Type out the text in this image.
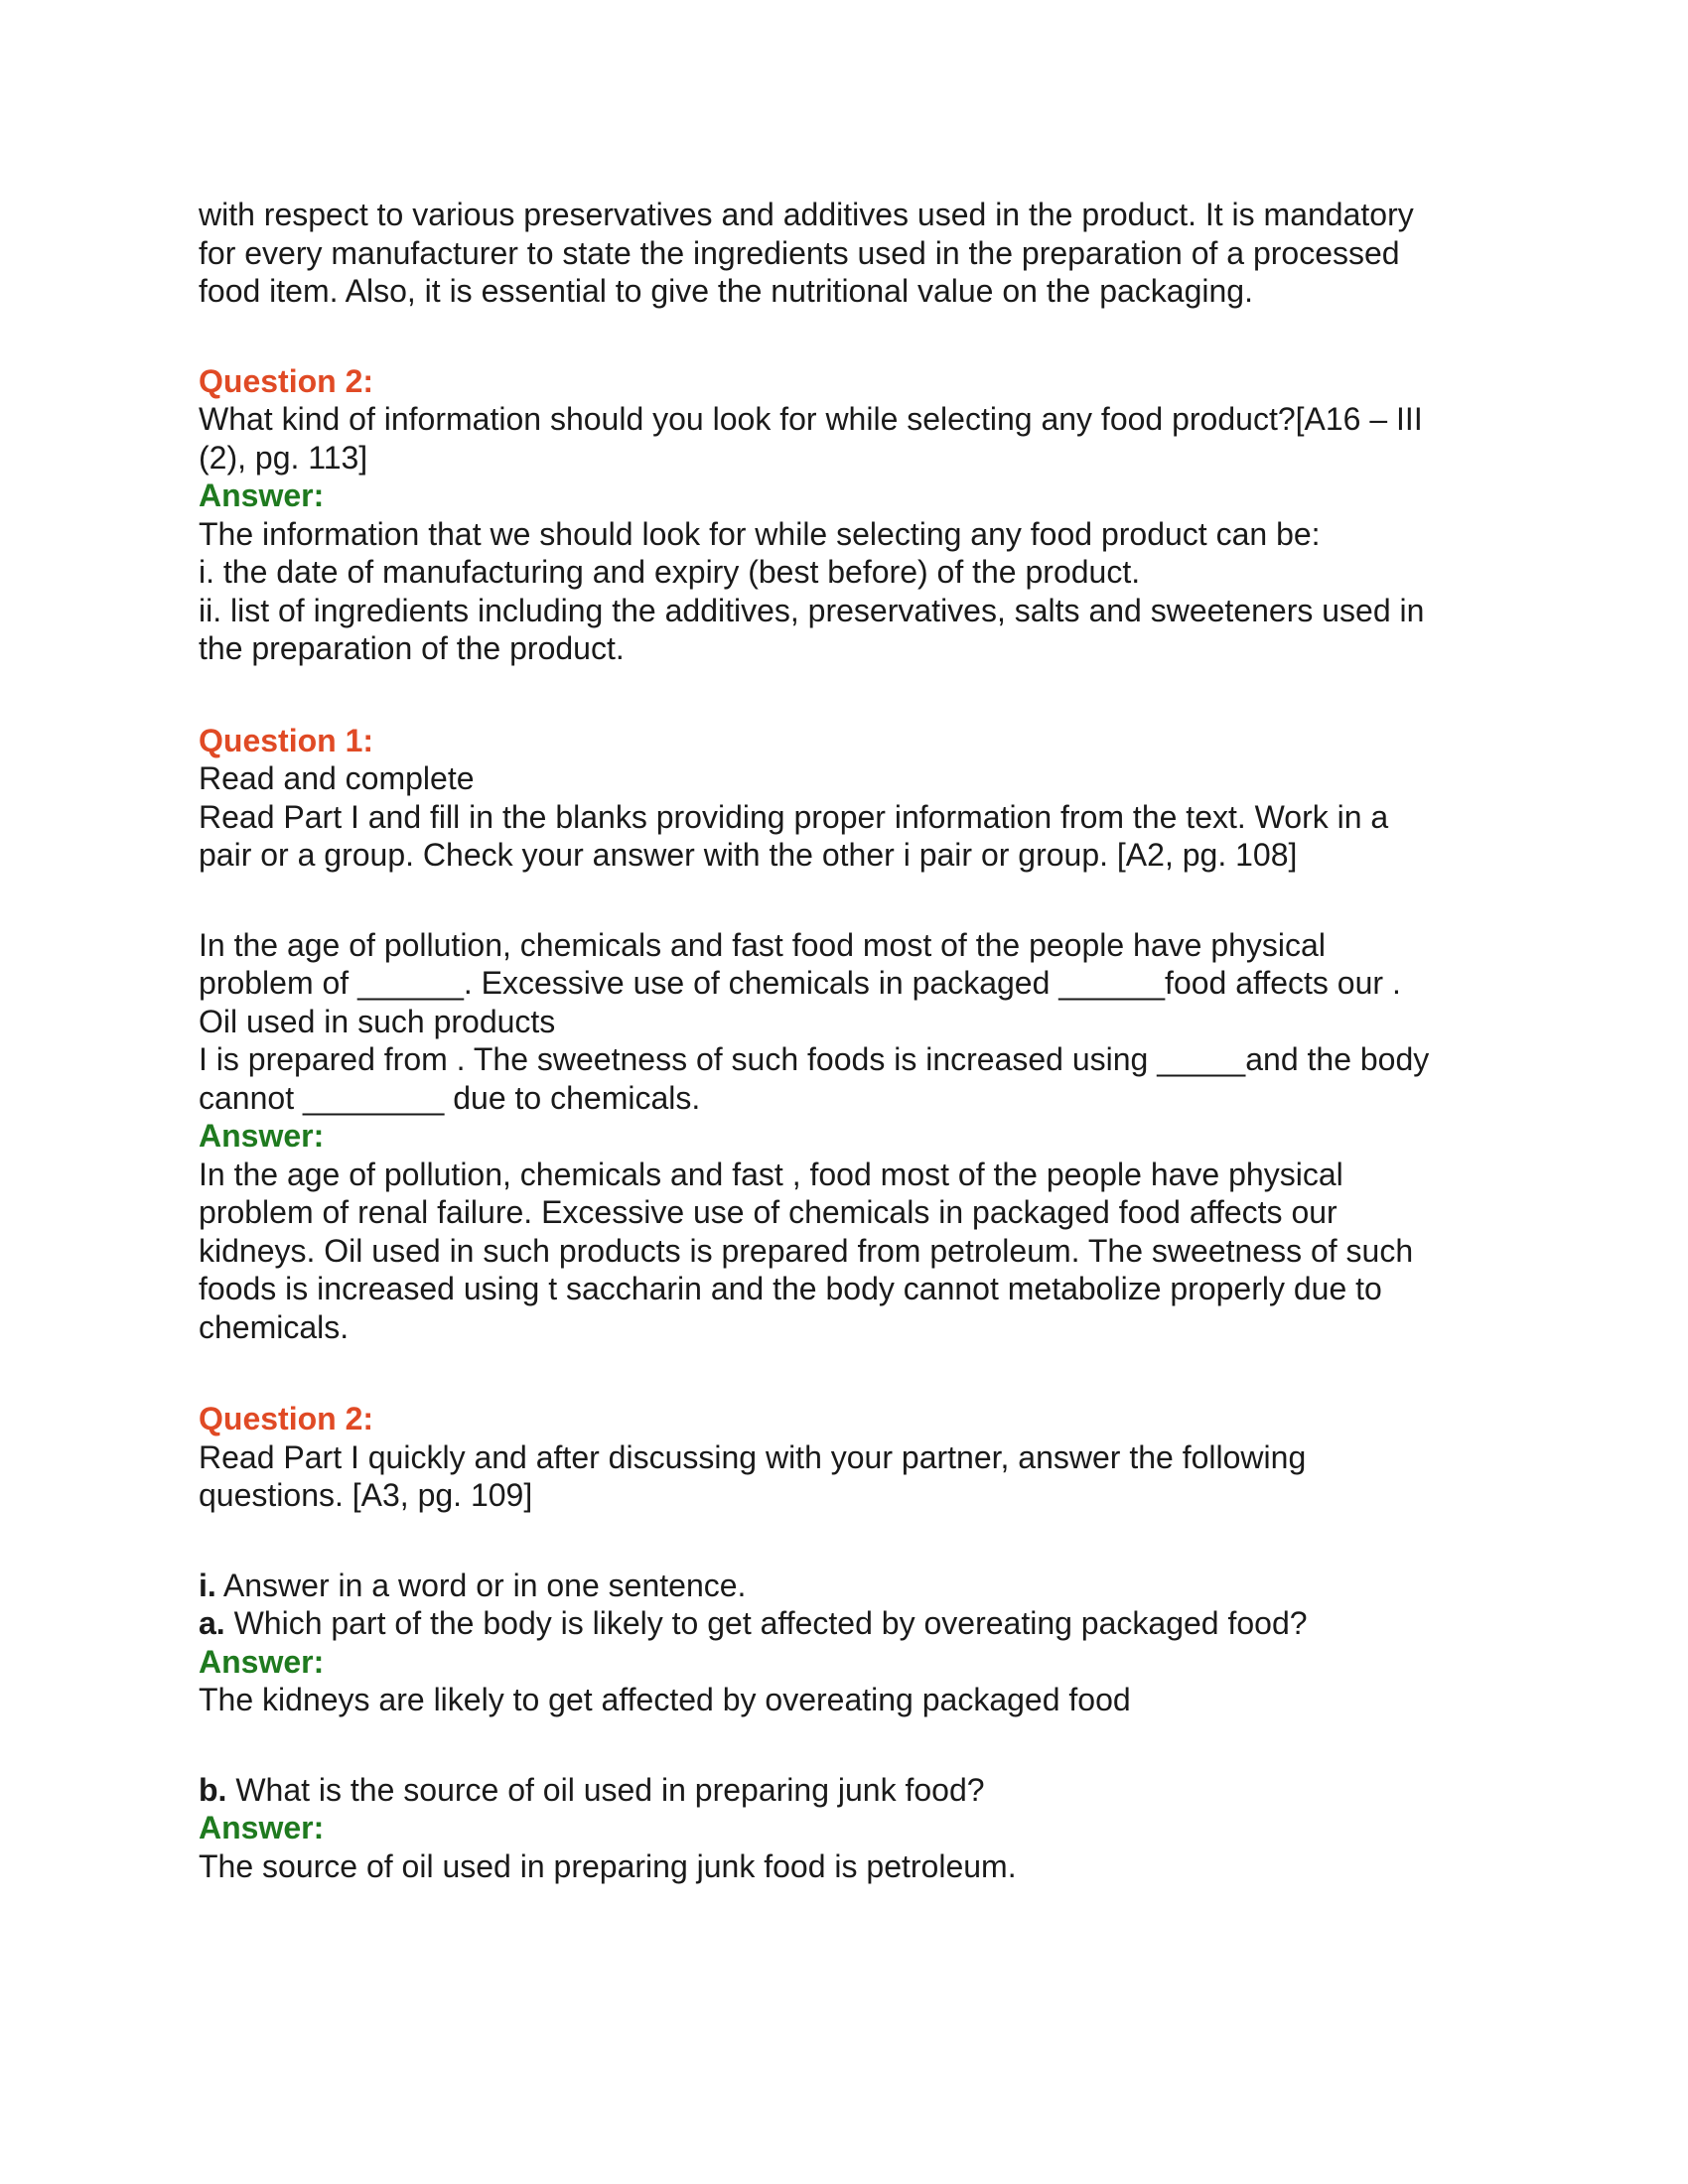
with respect to various preservatives and additives used in the product. It is mandatory
for every manufacturer to state the ingredients used in the preparation of a processed
food item. Also, it is essential to give the nutritional value on the packaging.
Question 2:
What kind of information should you look for while selecting any food product?[A16 – III
(2), pg. 113]
Answer:
The information that we should look for while selecting any food product can be:
i. the date of manufacturing and expiry (best before) of the product.
ii. list of ingredients including the additives, preservatives, salts and sweeteners used in
the preparation of the product.
Question 1:
Read and complete
Read Part I and fill in the blanks providing proper information from the text. Work in a
pair or a group. Check your answer with the other i pair or group. [A2, pg. 108]
In the age of pollution, chemicals and fast food most of the people have physical
problem of ______. Excessive use of chemicals in packaged ______food affects our .
Oil used in such products
I is prepared from . The sweetness of such foods is increased using _____and the body
cannot ________ due to chemicals.
Answer:
In the age of pollution, chemicals and fast , food most of the people have physical
problem of renal failure. Excessive use of chemicals in packaged food affects our
kidneys. Oil used in such products is prepared from petroleum. The sweetness of such
foods is increased using t saccharin and the body cannot metabolize properly due to
chemicals.
Question 2:
Read Part I quickly and after discussing with your partner, answer the following
questions. [A3, pg. 109]
i. Answer in a word or in one sentence.
a. Which part of the body is likely to get affected by overeating packaged food?
Answer:
The kidneys are likely to get affected by overeating packaged food
b. What is the source of oil used in preparing junk food?
Answer:
The source of oil used in preparing junk food is petroleum.
